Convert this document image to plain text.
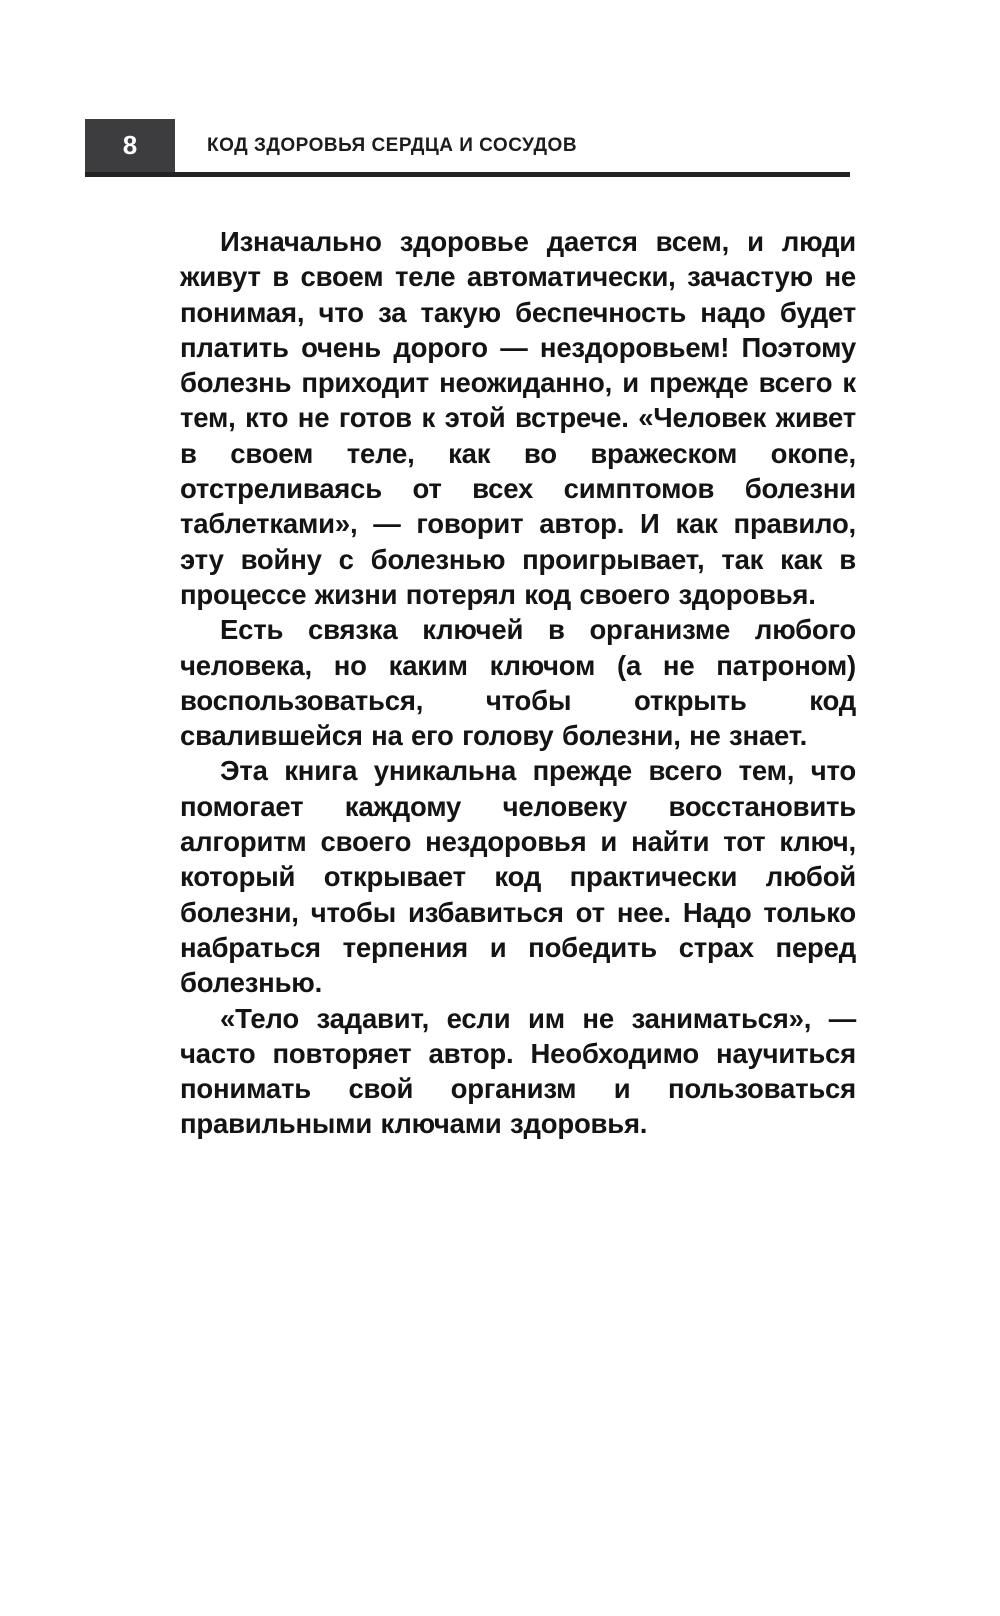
8	КОД ЗДОРОВЬЯ СЕРДЦА И СОСУДОВ

Изначально здоровье дается всем, и люди живут в своем теле автоматически, зачастую не понимая, что за такую беспечность надо будет платить очень дорого — нездоровьем! Поэтому болезнь приходит неожиданно, и прежде всего к тем, кто не готов к этой встрече. «Человек живет в своем теле, как во вражеском окопе, отстреливаясь от всех симптомов болезни таблетками», — говорит автор. И как правило, эту войну с болезнью проигрывает, так как в процессе жизни потерял код своего здоровья.

Есть связка ключей в организме любого человека, но каким ключом (а не патроном) воспользоваться, чтобы открыть код свалившейся на его голову болезни, не знает.

Эта книга уникальна прежде всего тем, что помогает каждому человеку восстановить алгоритм своего нездоровья и найти тот ключ, который открывает код практически любой болезни, чтобы избавиться от нее. Надо только набраться терпения и победить страх перед болезнью.

«Тело задавит, если им не заниматься», — часто повторяет автор. Необходимо научиться понимать свой организм и пользоваться правильными ключами здоровья.
